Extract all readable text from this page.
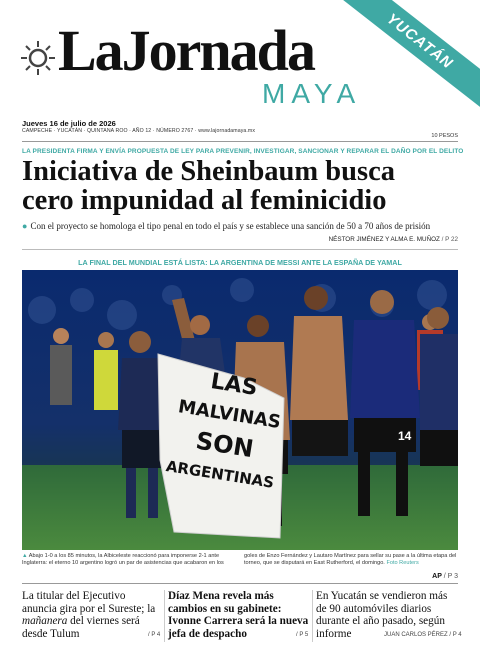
LaJornada
MAYA
YUCATÁN
Jueves 16 de julio de 2026
CAMPECHE · YUCATÁN · QUINTANA ROO · AÑO 12 · NÚMERO 2767 · www.lajornadamaya.mx
10 PESOS
LA PRESIDENTA FIRMA Y ENVÍA PROPUESTA DE LEY PARA PREVENIR, INVESTIGAR, SANCIONAR Y REPARAR EL DAÑO POR EL DELITO
Iniciativa de Sheinbaum busca
cero impunidad al feminicidio
● Con el proyecto se homologa el tipo penal en todo el país y se establece una sanción de 50 a 70 años de prisión
NÉSTOR JIMÉNEZ Y ALMA E. MUÑOZ / P 22
LA FINAL DEL MUNDIAL ESTÁ LISTA: LA ARGENTINA DE MESSI ANTE LA ESPAÑA DE YAMAL
14
LAS
MALVINAS
SON
ARGENTINAS
▲ Abajo 1-0 a los 85 minutos, la Albiceleste reaccionó para imponerse 2-1 ante Inglaterra: el eterno 10 argentino logró un par de asistencias que acabaron en los
goles de Enzo Fernández y Lautaro Martínez para sellar su pase a la última etapa del torneo, que se disputará en East Rutherford, el domingo. Foto Reuters
AP / P 3
La titular del Ejecutivo anuncia gira por el Sureste; la mañanera del viernes será desde Tulum
Díaz Mena revela más cambios en su gabinete: Ivonne Carrera será la nueva jefa de despacho
En Yucatán se vendieron más de 90 automóviles diarios durante el año pasado, según informe
/ P 4	/ P 5	JUAN CARLOS PÉREZ / P 4
